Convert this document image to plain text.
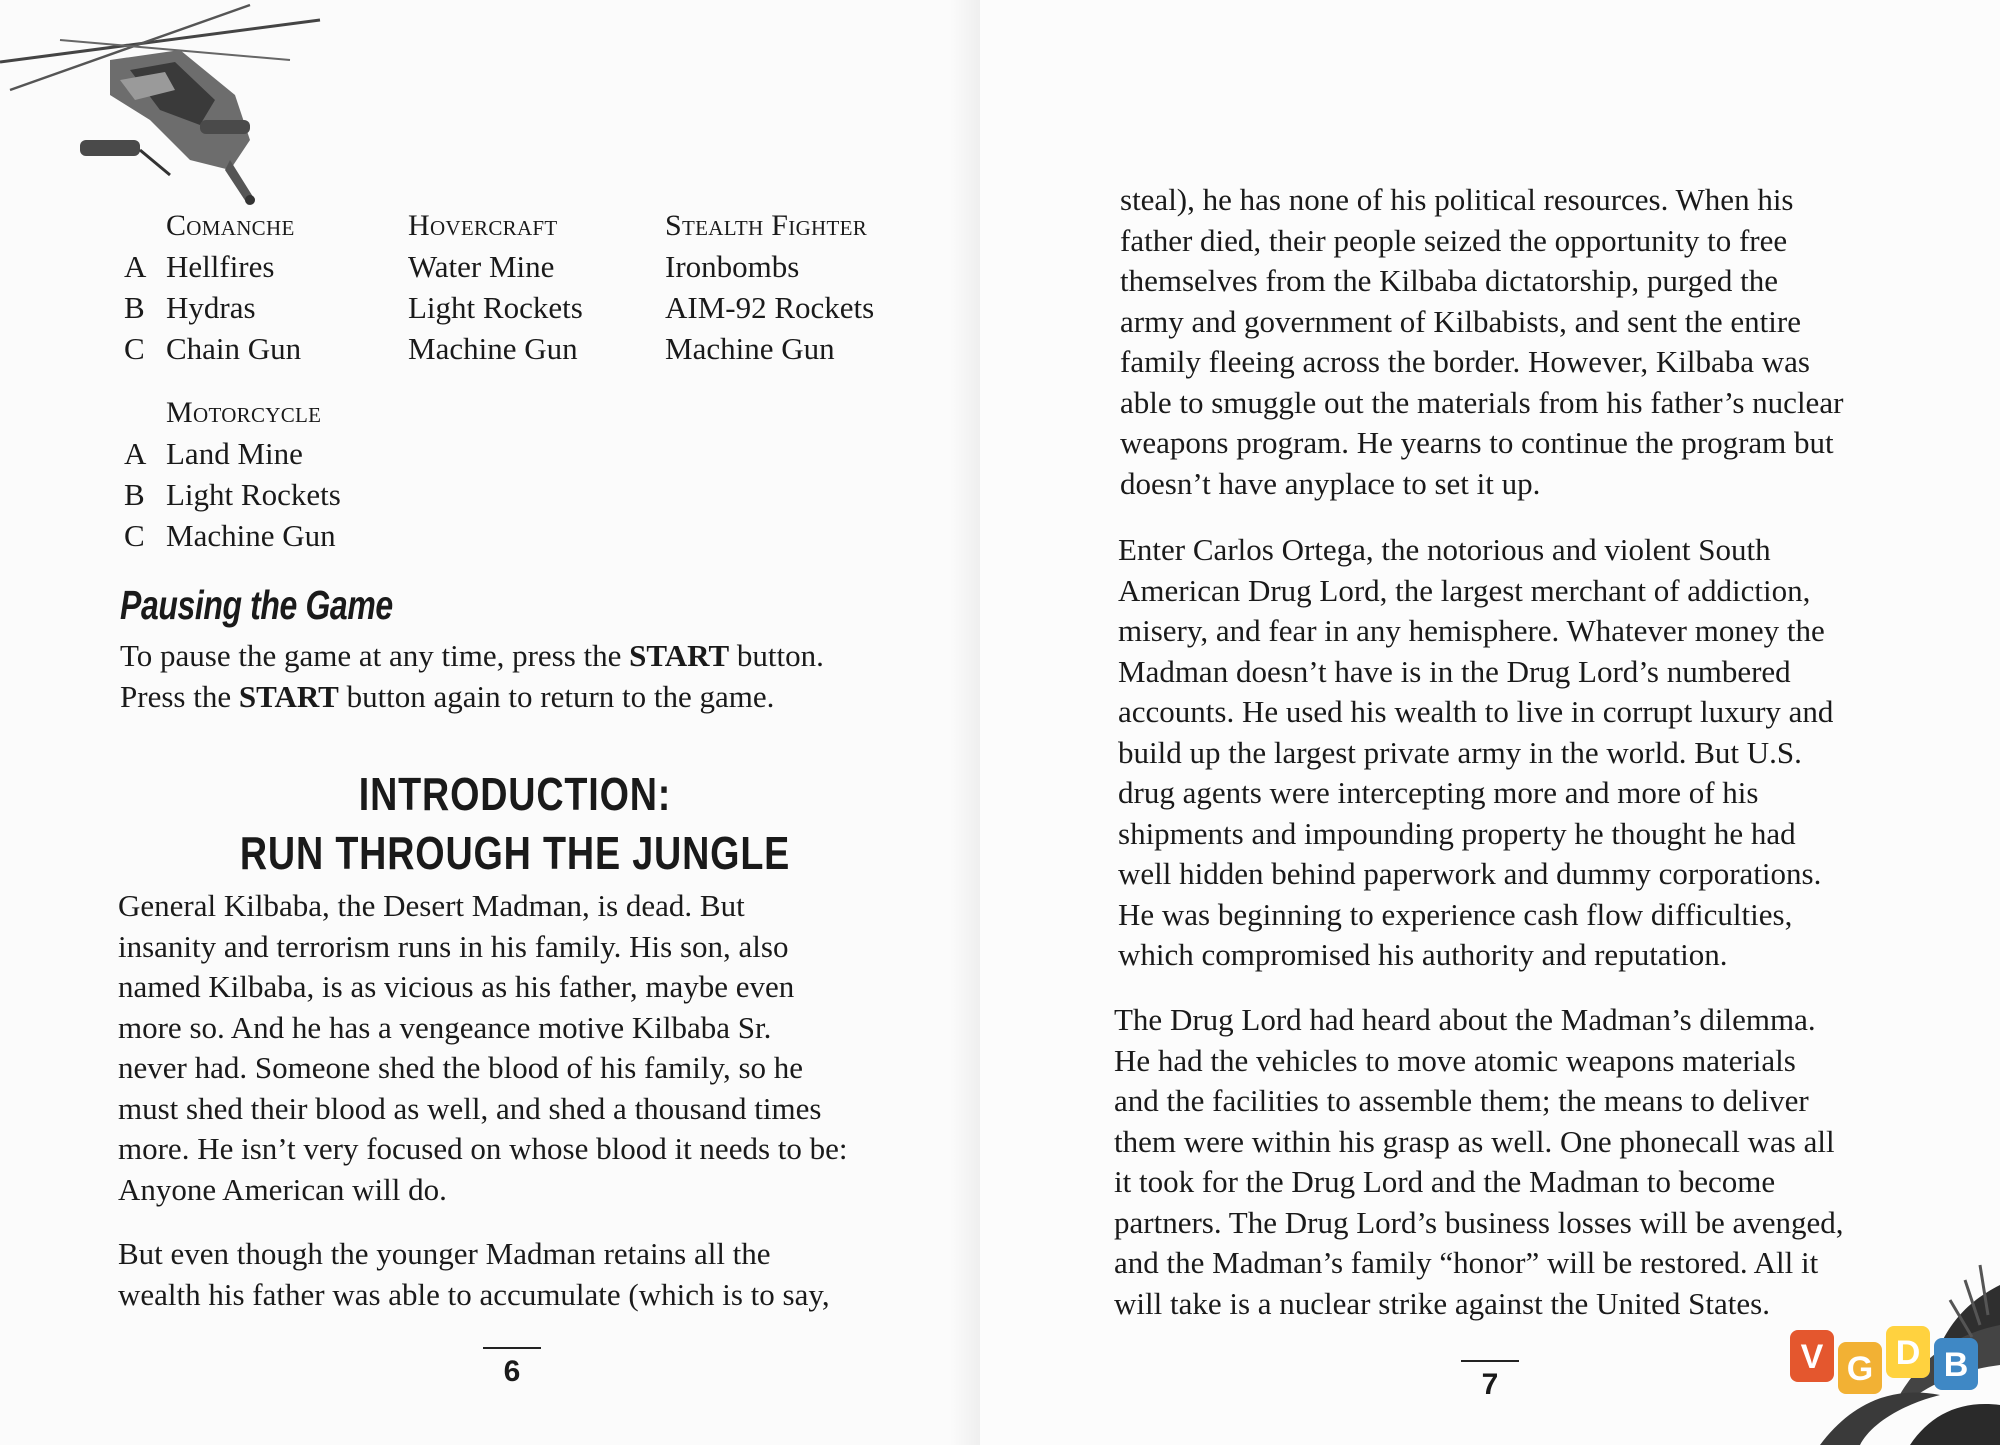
Comanche
A Hellfires
B Hydras
C Chain Gun
Hovercraft
Water Mine
Light Rockets
Machine Gun
Stealth Fighter
Ironbombs
AIM-92 Rockets
Machine Gun
Motorcycle
A Land Mine
B Light Rockets
C Machine Gun
Pausing the Game
To pause the game at any time, press the START button.
Press the START button again to return to the game.
INTRODUCTION:
RUN THROUGH THE JUNGLE
General Kilbaba, the Desert Madman, is dead. But
insanity and terrorism runs in his family. His son, also
named Kilbaba, is as vicious as his father, maybe even
more so. And he has a vengeance motive Kilbaba Sr.
never had. Someone shed the blood of his family, so he
must shed their blood as well, and shed a thousand times
more. He isn’t very focused on whose blood it needs to be:
Anyone American will do.
But even though the younger Madman retains all the
wealth his father was able to accumulate (which is to say,
6
steal), he has none of his political resources. When his
father died, their people seized the opportunity to free
themselves from the Kilbaba dictatorship, purged the
army and government of Kilbabists, and sent the entire
family fleeing across the border. However, Kilbaba was
able to smuggle out the materials from his father’s nuclear
weapons program. He yearns to continue the program but
doesn’t have anyplace to set it up.
Enter Carlos Ortega, the notorious and violent South
American Drug Lord, the largest merchant of addiction,
misery, and fear in any hemisphere. Whatever money the
Madman doesn’t have is in the Drug Lord’s numbered
accounts. He used his wealth to live in corrupt luxury and
build up the largest private army in the world. But U.S.
drug agents were intercepting more and more of his
shipments and impounding property he thought he had
well hidden behind paperwork and dummy corporations.
He was beginning to experience cash flow difficulties,
which compromised his authority and reputation.
The Drug Lord had heard about the Madman’s dilemma.
He had the vehicles to move atomic weapons materials
and the facilities to assemble them; the means to deliver
them were within his grasp as well. One phonecall was all
it took for the Drug Lord and the Madman to become
partners. The Drug Lord’s business losses will be avenged,
and the Madman’s family “honor” will be restored. All it
will take is a nuclear strike against the United States.
7
V G D B
